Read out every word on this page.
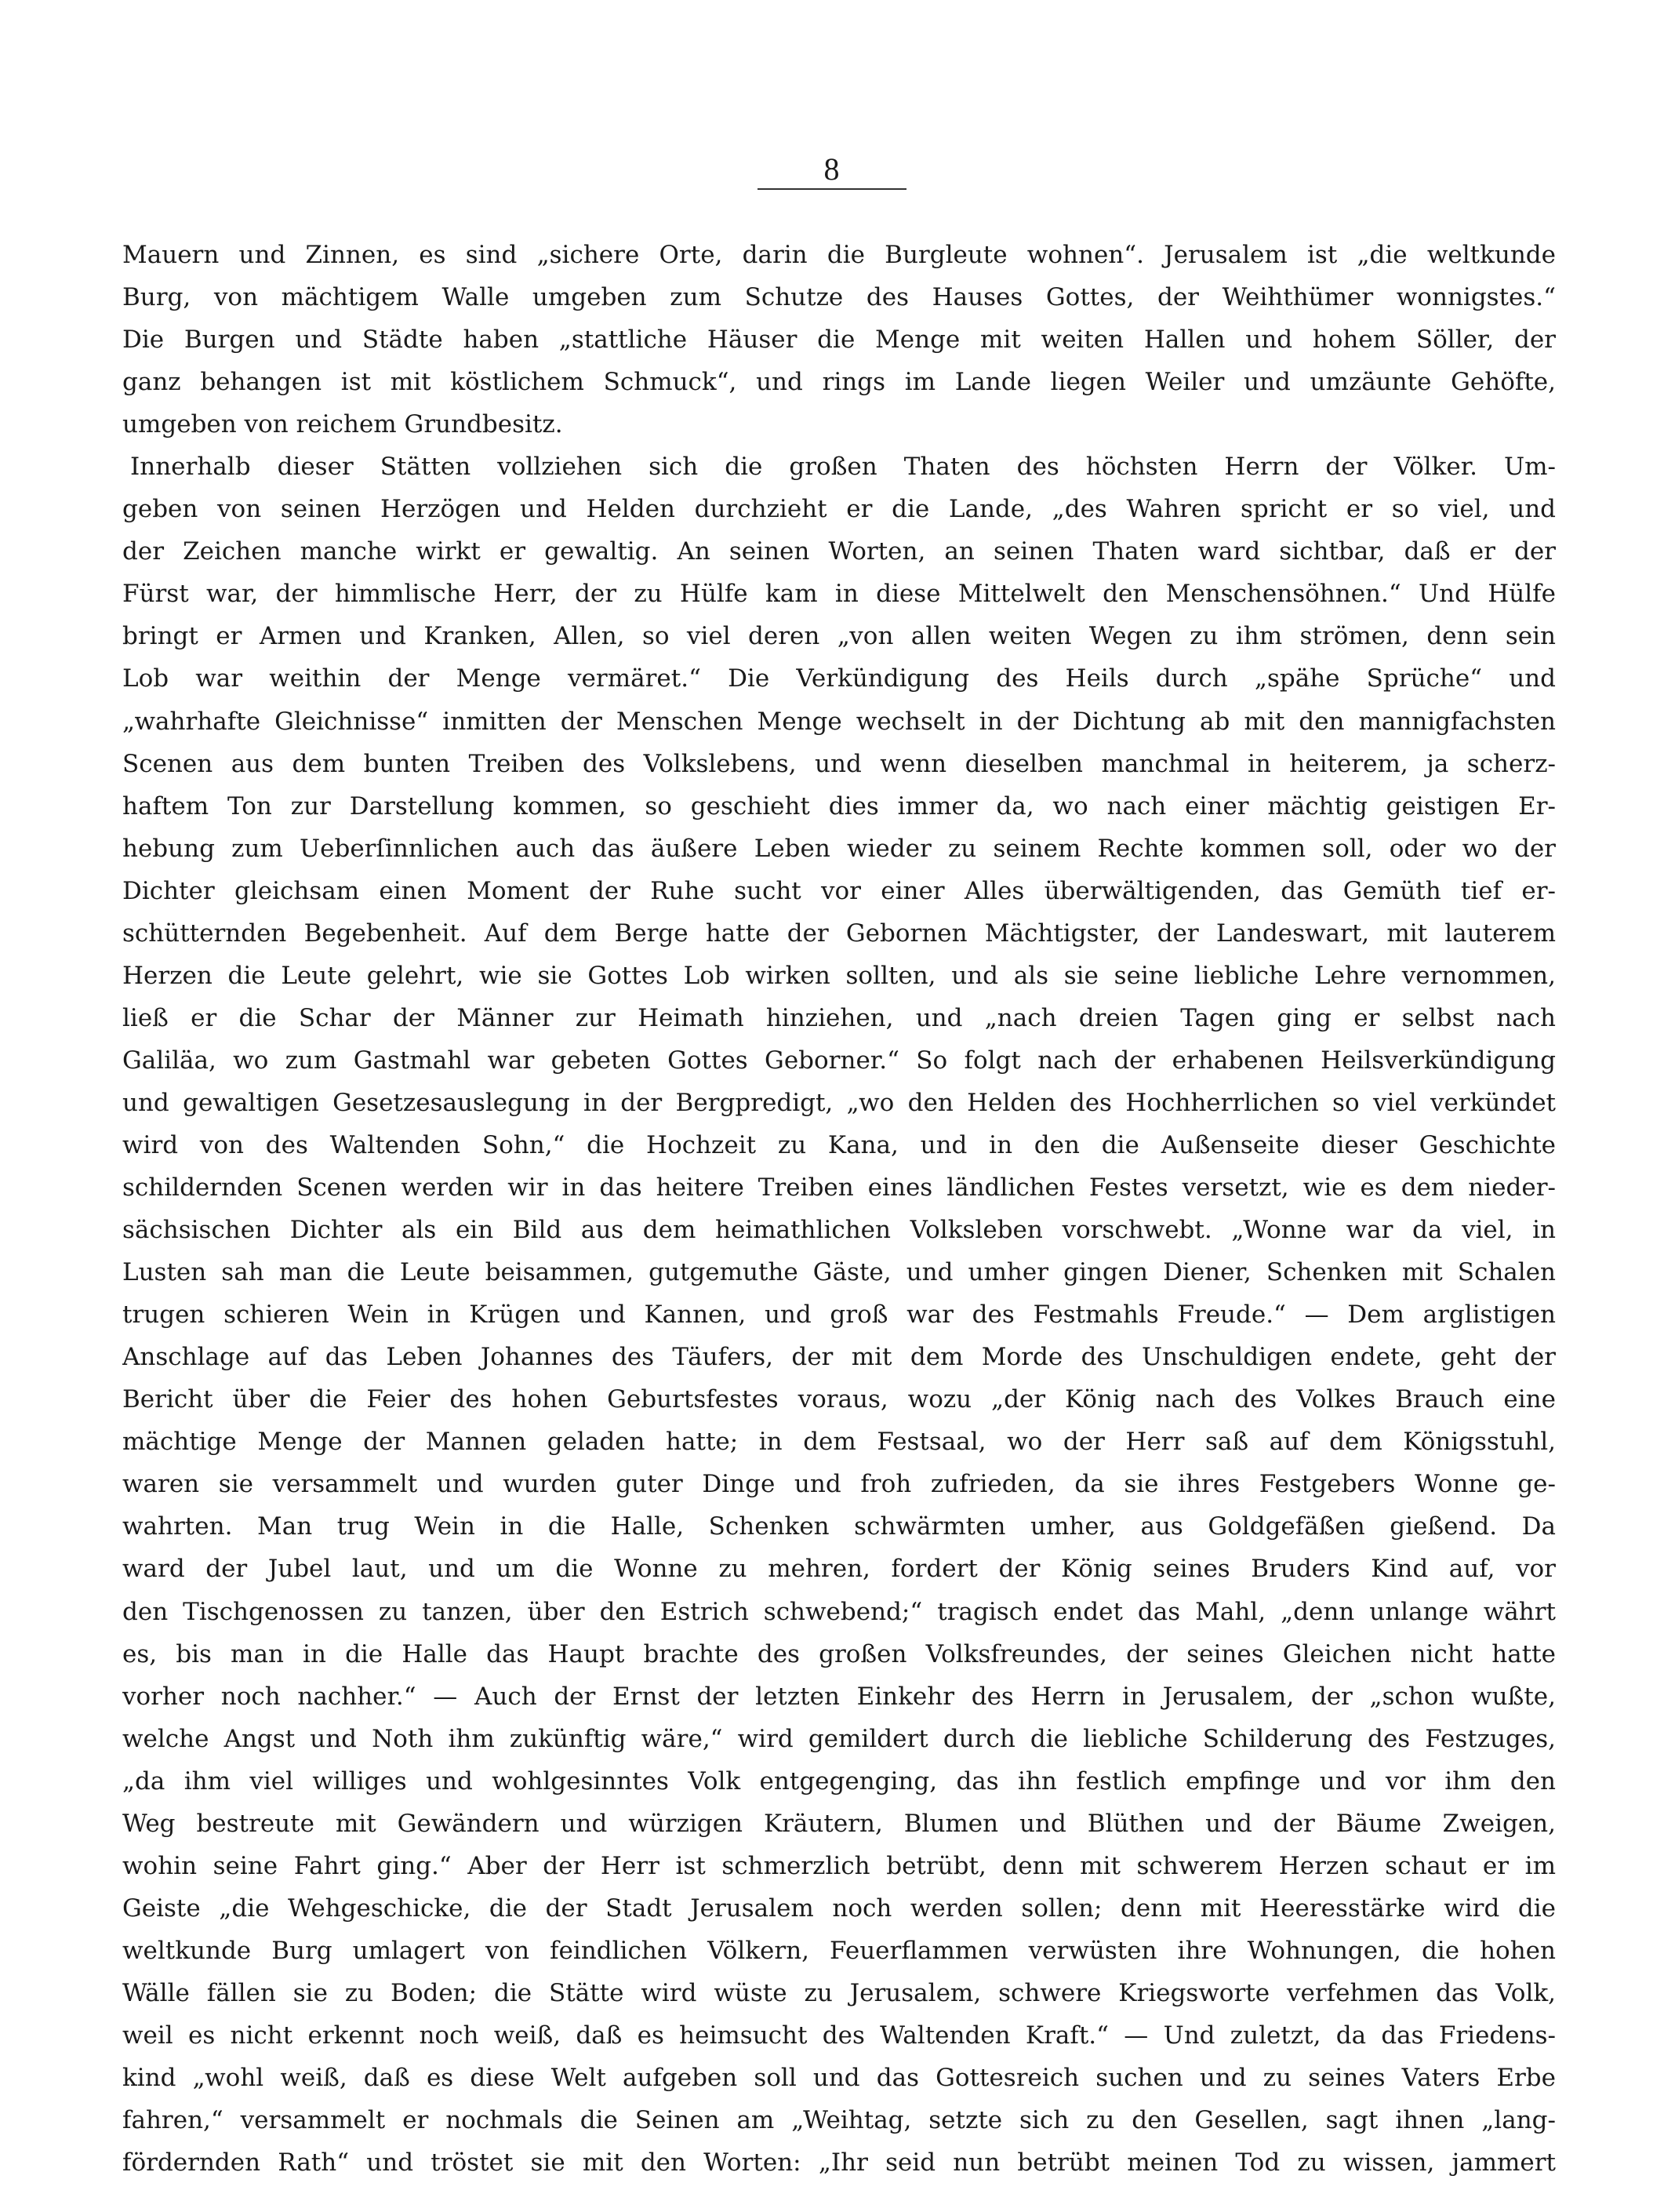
8
Mauern und Zinnen, es sind „sichere Orte, darin die Burgleute wohnen“. Jerusalem ist „die weltkunde
Burg, von mächtigem Walle umgeben zum Schutze des Hauses Gottes, der Weihthümer wonnigstes.“
Die Burgen und Städte haben „stattliche Häuser die Menge mit weiten Hallen und hohem Söller, der
ganz behangen ist mit köstlichem Schmuck“, und rings im Lande liegen Weiler und umzäunte Gehöfte,
umgeben von reichem Grundbesitz.
Innerhalb dieser Stätten vollziehen sich die großen Thaten des höchsten Herrn der Völker. Um-
geben von seinen Herzögen und Helden durchzieht er die Lande, „des Wahren spricht er so viel, und
der Zeichen manche wirkt er gewaltig. An seinen Worten, an seinen Thaten ward sichtbar, daß er der
Fürst war, der himmlische Herr, der zu Hülfe kam in diese Mittelwelt den Menschensöhnen.“ Und Hülfe
bringt er Armen und Kranken, Allen, so viel deren „von allen weiten Wegen zu ihm strömen, denn sein
Lob war weithin der Menge vermäret.“ Die Verkündigung des Heils durch „spähe Sprüche“ und
„wahrhafte Gleichnisse“ inmitten der Menschen Menge wechselt in der Dichtung ab mit den mannigfachsten
Scenen aus dem bunten Treiben des Volkslebens, und wenn dieselben manchmal in heiterem, ja scherz-
haftem Ton zur Darstellung kommen, so geschieht dies immer da, wo nach einer mächtig geistigen Er-
hebung zum Ueberſinnlichen auch das äußere Leben wieder zu seinem Rechte kommen soll, oder wo der
Dichter gleichsam einen Moment der Ruhe sucht vor einer Alles überwältigenden, das Gemüth tief er-
schütternden Begebenheit. Auf dem Berge hatte der Gebornen Mächtigster, der Landeswart, mit lauterem
Herzen die Leute gelehrt, wie sie Gottes Lob wirken sollten, und als sie seine liebliche Lehre vernommen,
ließ er die Schar der Männer zur Heimath hinziehen, und „nach dreien Tagen ging er selbst nach
Galiläa, wo zum Gastmahl war gebeten Gottes Geborner.“ So folgt nach der erhabenen Heilsverkündigung
und gewaltigen Gesetzesauslegung in der Bergpredigt, „wo den Helden des Hochherrlichen so viel verkündet
wird von des Waltenden Sohn,“ die Hochzeit zu Kana, und in den die Außenseite dieser Geschichte
schildernden Scenen werden wir in das heitere Treiben eines ländlichen Festes versetzt, wie es dem nieder-
sächsischen Dichter als ein Bild aus dem heimathlichen Volksleben vorschwebt. „Wonne war da viel, in
Lusten sah man die Leute beisammen, gutgemuthe Gäste, und umher gingen Diener, Schenken mit Schalen
trugen schieren Wein in Krügen und Kannen, und groß war des Festmahls Freude.“ — Dem arglistigen
Anschlage auf das Leben Johannes des Täufers, der mit dem Morde des Unschuldigen endete, geht der
Bericht über die Feier des hohen Geburtsfestes voraus, wozu „der König nach des Volkes Brauch eine
mächtige Menge der Mannen geladen hatte; in dem Festsaal, wo der Herr saß auf dem Königsstuhl,
waren sie versammelt und wurden guter Dinge und froh zufrieden, da sie ihres Festgebers Wonne ge-
wahrten. Man trug Wein in die Halle, Schenken schwärmten umher, aus Goldgefäßen gießend. Da
ward der Jubel laut, und um die Wonne zu mehren, fordert der König seines Bruders Kind auf, vor
den Tischgenossen zu tanzen, über den Estrich schwebend;“ tragisch endet das Mahl, „denn unlange währt
es, bis man in die Halle das Haupt brachte des großen Volksfreundes, der seines Gleichen nicht hatte
vorher noch nachher.“ — Auch der Ernst der letzten Einkehr des Herrn in Jerusalem, der „schon wußte,
welche Angst und Noth ihm zukünftig wäre,“ wird gemildert durch die liebliche Schilderung des Festzuges,
„da ihm viel williges und wohlgesinntes Volk entgegenging, das ihn festlich empfinge und vor ihm den
Weg bestreute mit Gewändern und würzigen Kräutern, Blumen und Blüthen und der Bäume Zweigen,
wohin seine Fahrt ging.“ Aber der Herr ist schmerzlich betrübt, denn mit schwerem Herzen schaut er im
Geiste „die Wehgeschicke, die der Stadt Jerusalem noch werden sollen; denn mit Heeresstärke wird die
weltkunde Burg umlagert von feindlichen Völkern, Feuerflammen verwüsten ihre Wohnungen, die hohen
Wälle fällen sie zu Boden; die Stätte wird wüste zu Jerusalem, schwere Kriegsworte verfehmen das Volk,
weil es nicht erkennt noch weiß, daß es heimsucht des Waltenden Kraft.“ — Und zuletzt, da das Friedens-
kind „wohl weiß, daß es diese Welt aufgeben soll und das Gottesreich suchen und zu seines Vaters Erbe
fahren,“ versammelt er nochmals die Seinen am „Weihtag, setzte sich zu den Gesellen, sagt ihnen „lang-
fördernden Rath“ und tröstet sie mit den Worten: „Ihr seid nun betrübt meinen Tod zu wissen, jammert
